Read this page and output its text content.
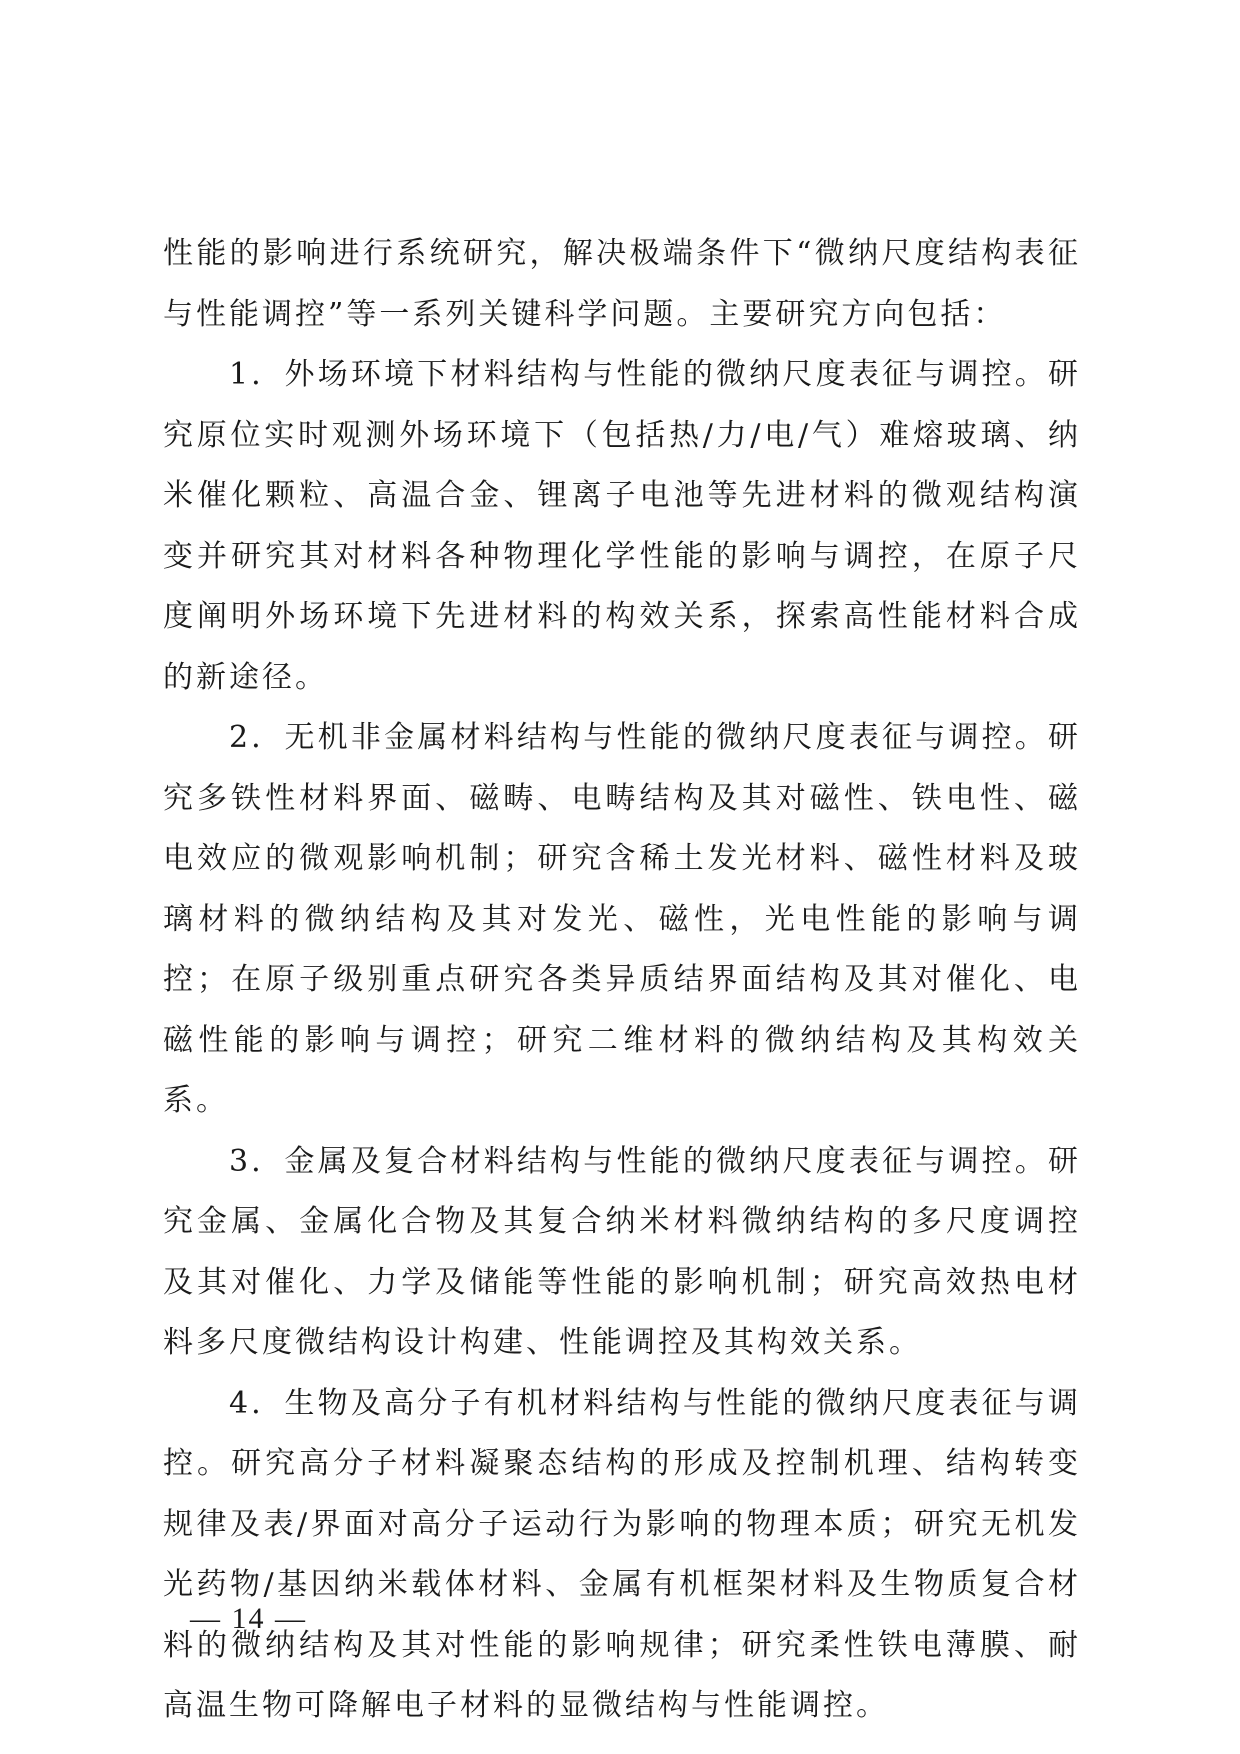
性能的影响进行系统研究，解决极端条件下“微纳尺度结构表征与性能调控”等一系列关键科学问题。主要研究方向包括：

1．外场环境下材料结构与性能的微纳尺度表征与调控。研究原位实时观测外场环境下（包括热/力/电/气）难熔玻璃、纳米催化颗粒、高温合金、锂离子电池等先进材料的微观结构演变并研究其对材料各种物理化学性能的影响与调控，在原子尺度阐明外场环境下先进材料的构效关系，探索高性能材料合成的新途径。

2．无机非金属材料结构与性能的微纳尺度表征与调控。研究多铁性材料界面、磁畴、电畴结构及其对磁性、铁电性、磁电效应的微观影响机制；研究含稀土发光材料、磁性材料及玻璃材料的微纳结构及其对发光、磁性，光电性能的影响与调控；在原子级别重点研究各类异质结界面结构及其对催化、电磁性能的影响与调控；研究二维材料的微纳结构及其构效关系。

3．金属及复合材料结构与性能的微纳尺度表征与调控。研究金属、金属化合物及其复合纳米材料微纳结构的多尺度调控及其对催化、力学及储能等性能的影响机制；研究高效热电材料多尺度微结构设计构建、性能调控及其构效关系。

4．生物及高分子有机材料结构与性能的微纳尺度表征与调控。研究高分子材料凝聚态结构的形成及控制机理、结构转变规律及表/界面对高分子运动行为影响的物理本质；研究无机发光药物/基因纳米载体材料、金属有机框架材料及生物质复合材料的微纳结构及其对性能的影响规律；研究柔性铁电薄膜、耐高温生物可降解电子材料的显微结构与性能调控。

— 14 —
